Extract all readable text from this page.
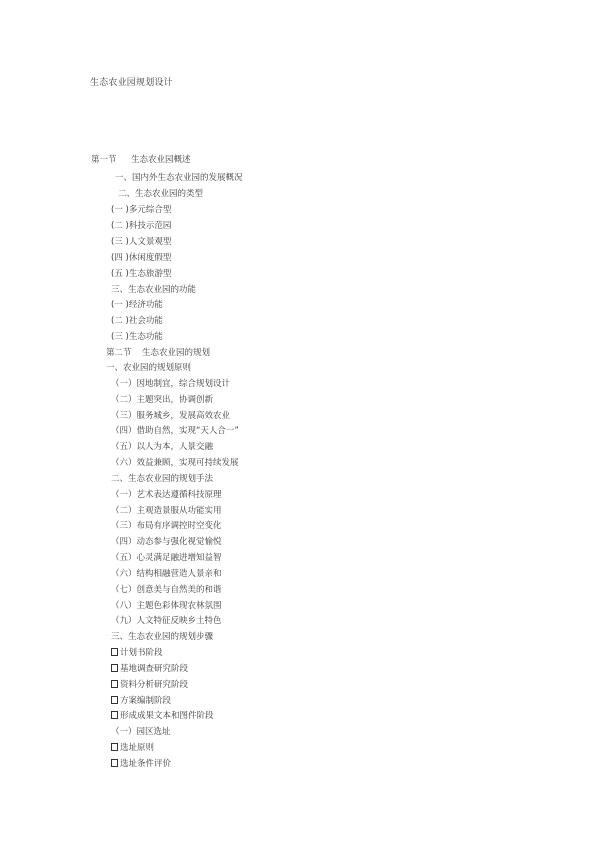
生态农业园规划设计
第一节 生态农业园概述
一、国内外生态农业园的发展概况
二、生态农业园的类型
(一 )多元综合型
(二 )科技示范园
(三 )人文景观型
(四 )休闲度假型
(五 )生态旅游型
三、生态农业园的功能
(一 )经济功能
(二 )社会功能
(三 )生态功能
第二节 生态农业园的规划
一、农业园的规划原则
（一）因地制宜，综合规划设计
（二）主题突出，协调创新
（三）服务城乡，发展高效农业
（四）借助自然，实现“天人合一”
（五）以人为本，人景交融
（六）效益兼顾，实现可持续发展
二、生态农业园的规划手法
（一）艺术表达遵循科技原理
（二）主观造景服从功能实用
（三）布局有序调控时空变化
（四）动态参与强化视觉愉悦
（五）心灵满足融进增知益智
（六）结构相融营造人景亲和
（七）创意美与自然美的和谐
（八）主题色彩体现农林氛围
（九）人文特征反映乡土特色
三、生态农业园的规划步骤
计划书阶段
基地调查研究阶段
资料分析研究阶段
方案编制阶段
形成成果文本和图件阶段
（一）园区选址
选址原则
选址条件评价
